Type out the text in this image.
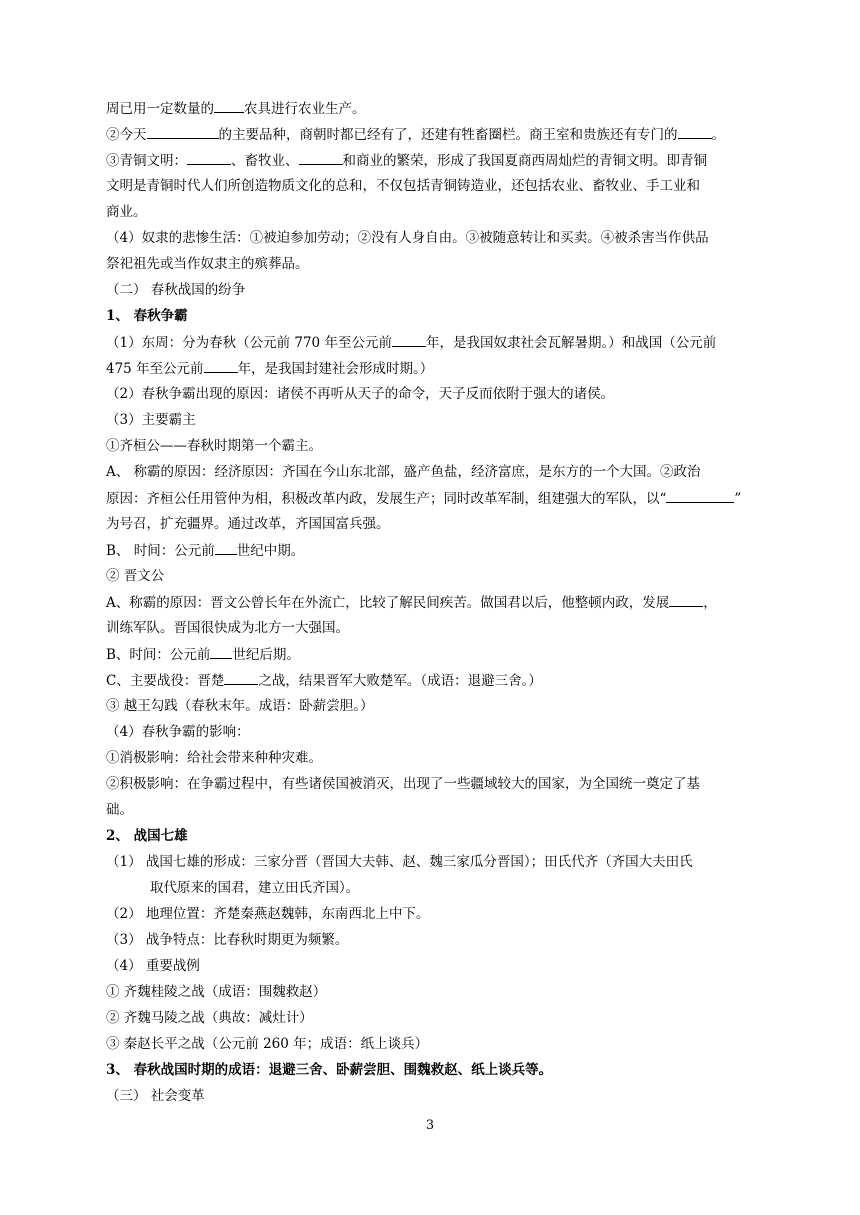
周已用一定数量的 农具进行农业生产。
②今天	的主要品种，商朝时都已经有了，还建有牲畜圈栏。商王室和贵族还有专门的	。
③青铜文明：	、畜牧业、	和商业的繁荣，形成了我国夏商西周灿烂的青铜文明。即青铜
文明是青铜时代人们所创造物质文化的总和，不仅包括青铜铸造业，还包括农业、畜牧业、手工业和
商业。
（4）奴隶的悲惨生活：①被迫参加劳动；②没有人身自由。③被随意转让和买卖。④被杀害当作供品
祭祀祖先或当作奴隶主的殡葬品。
（二） 春秋战国的纷争
1、 春秋争霸
（1）东周：分为春秋（公元前 770 年至公元前	年，是我国奴隶社会瓦解暑期。）和战国（公元前
475 年至公元前	年，是我国封建社会形成时期。）
（2）春秋争霸出现的原因：诸侯不再听从天子的命令，天子反而依附于强大的诸侯。
（3）主要霸主
①齐桓公——春秋时期第一个霸主。
A、 称霸的原因：经济原因：齐国在今山东北部，盛产鱼盐，经济富庶，是东方的一个大国。②政治
原因：齐桓公任用管仲为相，积极改革内政，发展生产；同时改革军制，组建强大的军队，以“	”
为号召，扩充疆界。通过改革，齐国国富兵强。
B、 时间：公元前 世纪中期。
② 晋文公
A、称霸的原因：晋文公曾长年在外流亡，比较了解民间疾苦。做国君以后，他整顿内政，发展	，
训练军队。晋国很快成为北方一大强国。
B、时间：公元前 世纪后期。
C、主要战役：晋楚	之战，结果晋军大败楚军。（成语：退避三舍。）
③ 越王勾践（春秋末年。成语：卧薪尝胆。）
（4）春秋争霸的影响：
①消极影响：给社会带来种种灾难。
②积极影响：在争霸过程中，有些诸侯国被消灭，出现了一些疆域较大的国家，为全国统一奠定了基
础。
2、 战国七雄
（1） 战国七雄的形成：三家分晋（晋国大夫韩、赵、魏三家瓜分晋国）；田氏代齐（齐国大夫田氏
取代原来的国君，建立田氏齐国）。
（2） 地理位置：齐楚秦燕赵魏韩，东南西北上中下。
（3） 战争特点：比春秋时期更为频繁。
（4） 重要战例
① 齐魏桂陵之战（成语：围魏救赵）
② 齐魏马陵之战（典故：减灶计）
③ 秦赵长平之战（公元前 260 年；成语：纸上谈兵）
3、 春秋战国时期的成语：退避三舍、卧薪尝胆、围魏救赵、纸上谈兵等。
（三） 社会变革
3
